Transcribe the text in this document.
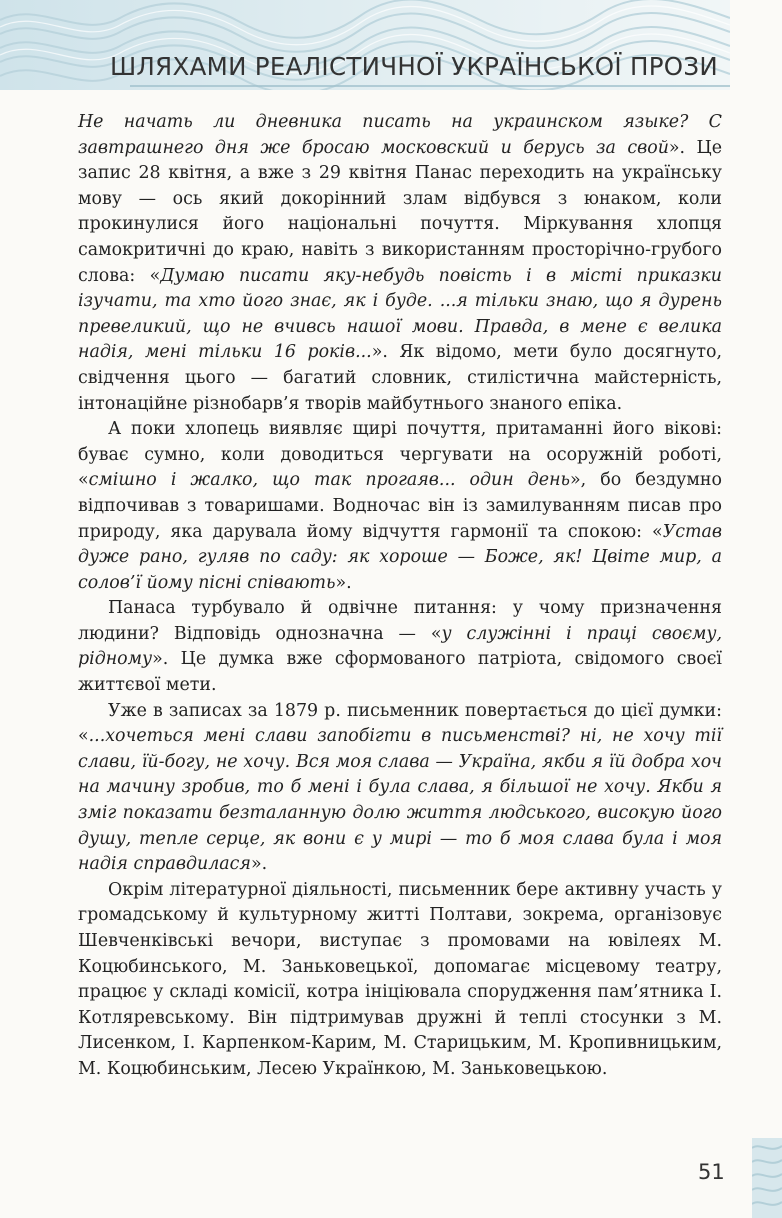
ШЛЯХАМИ РЕАЛІСТИЧНОЇ УКРАЇНСЬКОЇ ПРОЗИ

Не начать ли дневника писать на украинском языке? С завтрашнего дня же бросаю московский и берусь за свой». Це запис 28 квітня, а вже з 29 квітня Панас переходить на українську мову — ось який докорінний злам відбувся з юнаком, коли прокинулися його національні почуття. Міркування хлопця самокритичні до краю, навіть з використанням просторічно-грубого слова: «Думаю писати яку-небудь повість і в місті приказки ізучати, та хто його знає, як і буде. ...я тільки знаю, що я дурень превеликий, що не вчивсь нашої мови. Правда, в мене є велика надія, мені тільки 16 років...». Як відомо, мети було досягнуто, свідчення цього — багатий словник, стилістична майстерність, інтонаційне різнобарв’я творів майбутнього знаного епіка.

А поки хлопець виявляє щирі почуття, притаманні його вікові: буває сумно, коли доводиться чергувати на осоружній роботі, «смішно і жалко, що так прогаяв... один день», бо бездумно відпочивав з товаришами. Водночас він із замилуванням писав про природу, яка дарувала йому відчуття гармонії та спокою: «Устав дуже рано, гуляв по саду: як хороше — Боже, як! Цвіте мир, а солов’ї йому пісні співають».

Панаса турбувало й одвічне питання: у чому призначення людини? Відповідь однозначна — «у служінні і праці своєму, рідному». Це думка вже сформованого патріота, свідомого своєї життєвої мети.

Уже в записах за 1879 р. письменник повертається до цієї думки: «...хочеться мені слави запобігти в письменстві? ні, не хочу тії слави, їй-богу, не хочу. Вся моя слава — Україна, якби я їй добра хоч на мачину зробив, то б мені і була слава, я більшої не хочу. Якби я зміг показати безталанную долю життя людського, високую його душу, тепле серце, як вони є у мирі — то б моя слава була і моя надія справдилася».

Окрім літературної діяльності, письменник бере активну участь у громадському й культурному житті Полтави, зокрема, організовує Шевченківські вечори, виступає з промовами на ювілеях М. Коцюбинського, М. Заньковецької, допомагає місцевому театру, працює у складі комісії, котра ініціювала спорудження пам’ятника І. Котляревському. Він підтримував дружні й теплі стосунки з М. Лисенком, І. Карпенком-Карим, М. Старицьким, М. Кропивницьким, М. Коцюбинським, Лесею Українкою, М. Заньковецькою.

51
